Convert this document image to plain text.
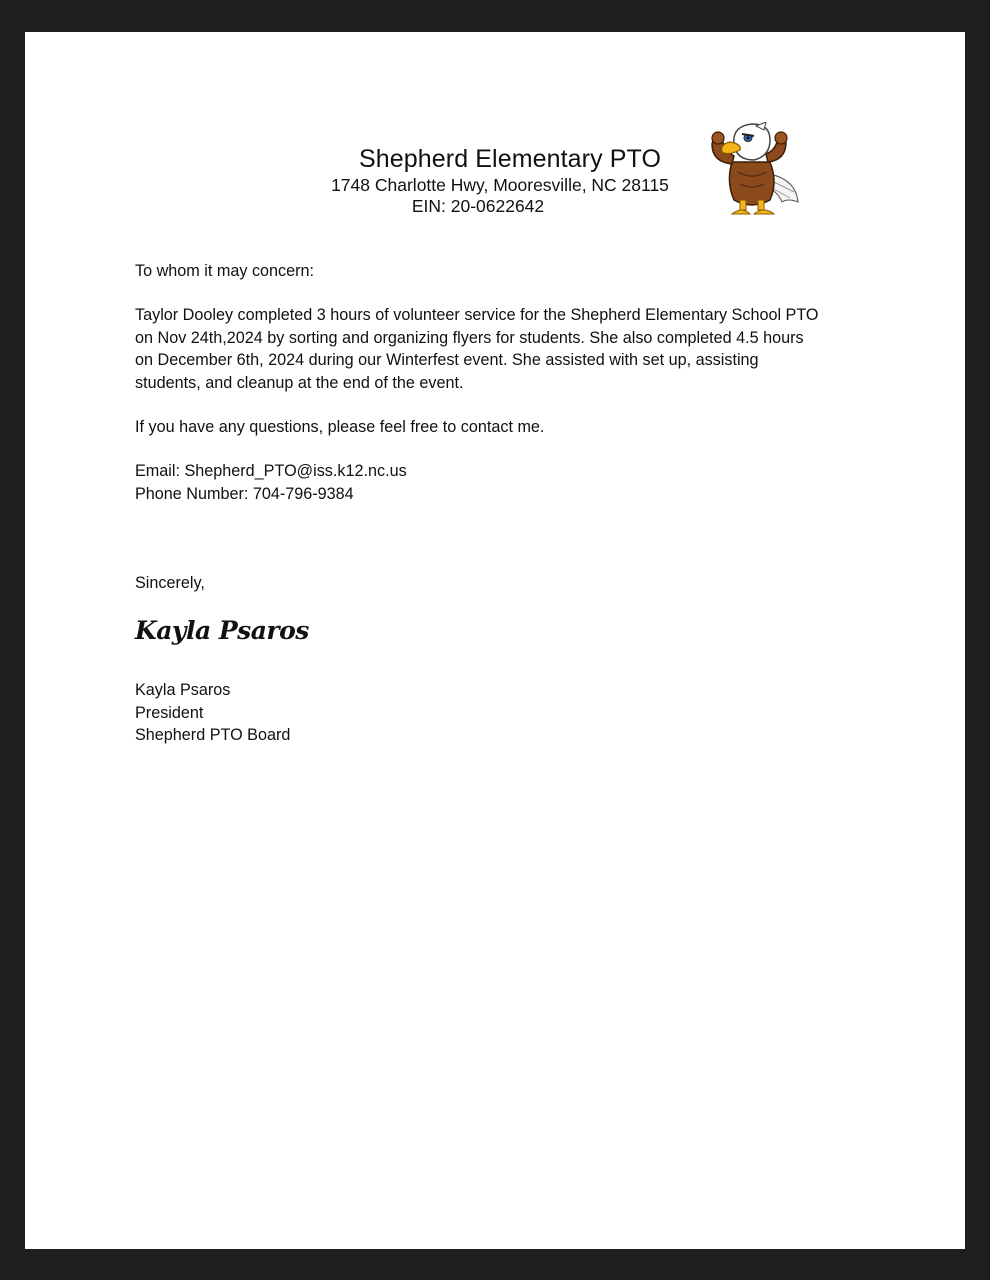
Shepherd Elementary PTO
1748 Charlotte Hwy, Mooresville, NC 28115
EIN: 20-0622642
To whom it may concern:
Taylor Dooley completed 3 hours of volunteer service for the Shepherd Elementary School PTO
on Nov 24th,2024 by sorting and organizing flyers for students. She also completed 4.5 hours
on December 6th, 2024 during our Winterfest event. She assisted with set up, assisting
students, and cleanup at the end of the event.
If you have any questions, please feel free to contact me.
Email: Shepherd_PTO@iss.k12.nc.us
Phone Number: 704-796-9384
Sincerely,
Kayla Psaros
Kayla Psaros
President
Shepherd PTO Board
